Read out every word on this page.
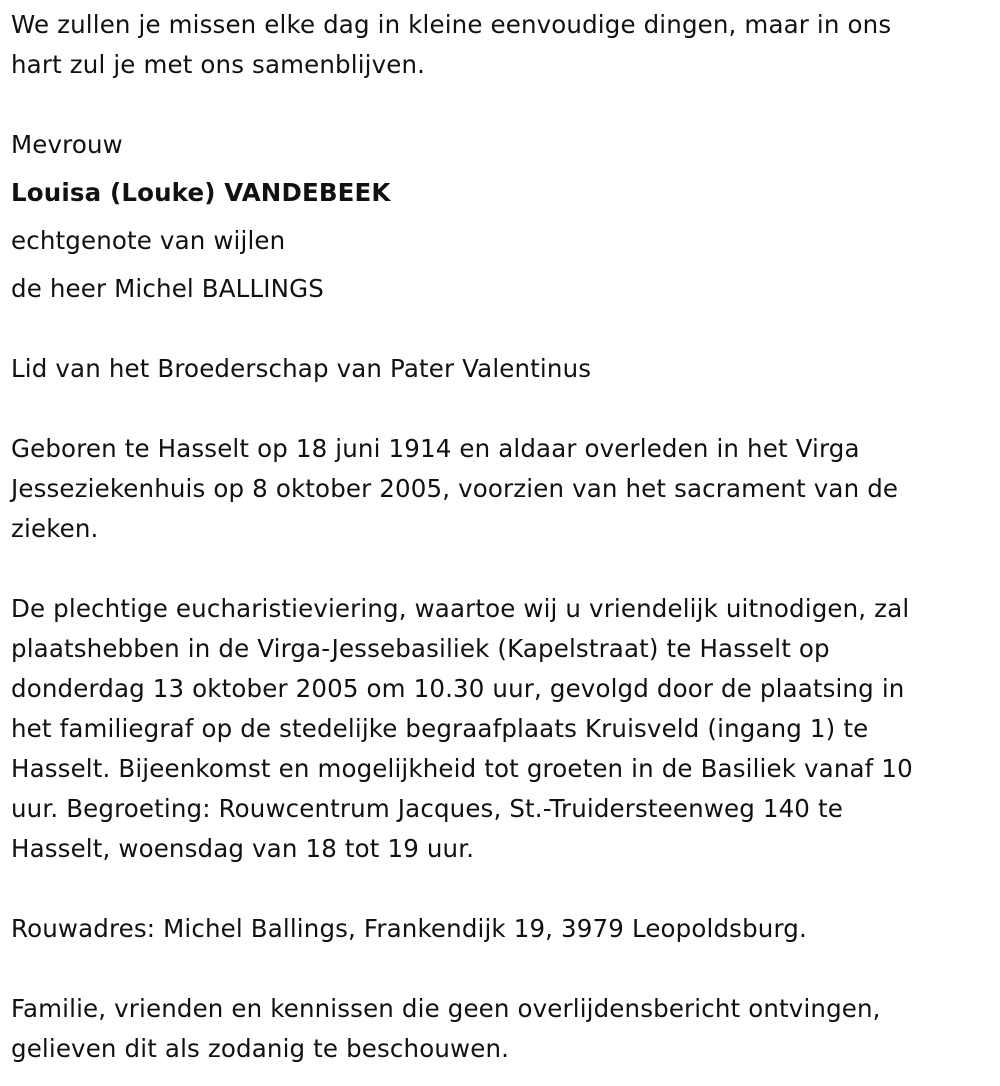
We zullen je missen elke dag in kleine eenvoudige dingen, maar in ons
hart zul je met ons samenblijven.
Mevrouw
Louisa (Louke) VANDEBEEK
echtgenote van wijlen
de heer Michel BALLINGS
Lid van het Broederschap van Pater Valentinus
Geboren te Hasselt op 18 juni 1914 en aldaar overleden in het Virga
Jesseziekenhuis op 8 oktober 2005, voorzien van het sacrament van de
zieken.
De plechtige eucharistieviering, waartoe wij u vriendelijk uitnodigen, zal
plaatshebben in de Virga-Jessebasiliek (Kapelstraat) te Hasselt op
donderdag 13 oktober 2005 om 10.30 uur, gevolgd door de plaatsing in
het familiegraf op de stedelijke begraafplaats Kruisveld (ingang 1) te
Hasselt. Bijeenkomst en mogelijkheid tot groeten in de Basiliek vanaf 10
uur. Begroeting: Rouwcentrum Jacques, St.-Truidersteenweg 140 te
Hasselt, woensdag van 18 tot 19 uur.
Rouwadres: Michel Ballings, Frankendijk 19, 3979 Leopoldsburg.
Familie, vrienden en kennissen die geen overlijdensbericht ontvingen,
gelieven dit als zodanig te beschouwen.
